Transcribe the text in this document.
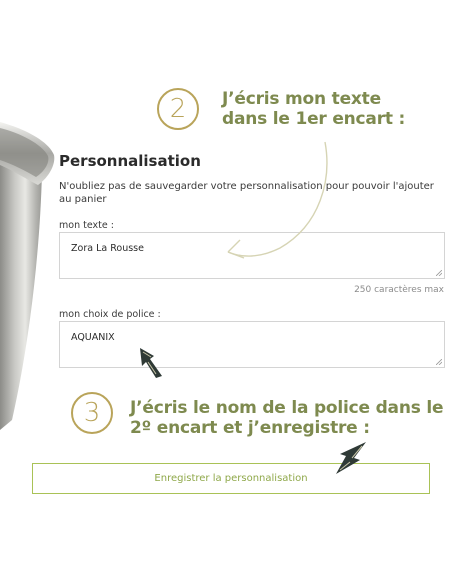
2	J’écris mon texte
dans le 1er encart :
Personnalisation
N'oubliez pas de sauvegarder votre personnalisation pour pouvoir l'ajouter au panier
mon texte :
Zora La Rousse
250 caractères max
mon choix de police :
AQUANIX
3	J’écris le nom de la police dans le
2º encart et j’enregistre :
Enregistrer la personnalisation
